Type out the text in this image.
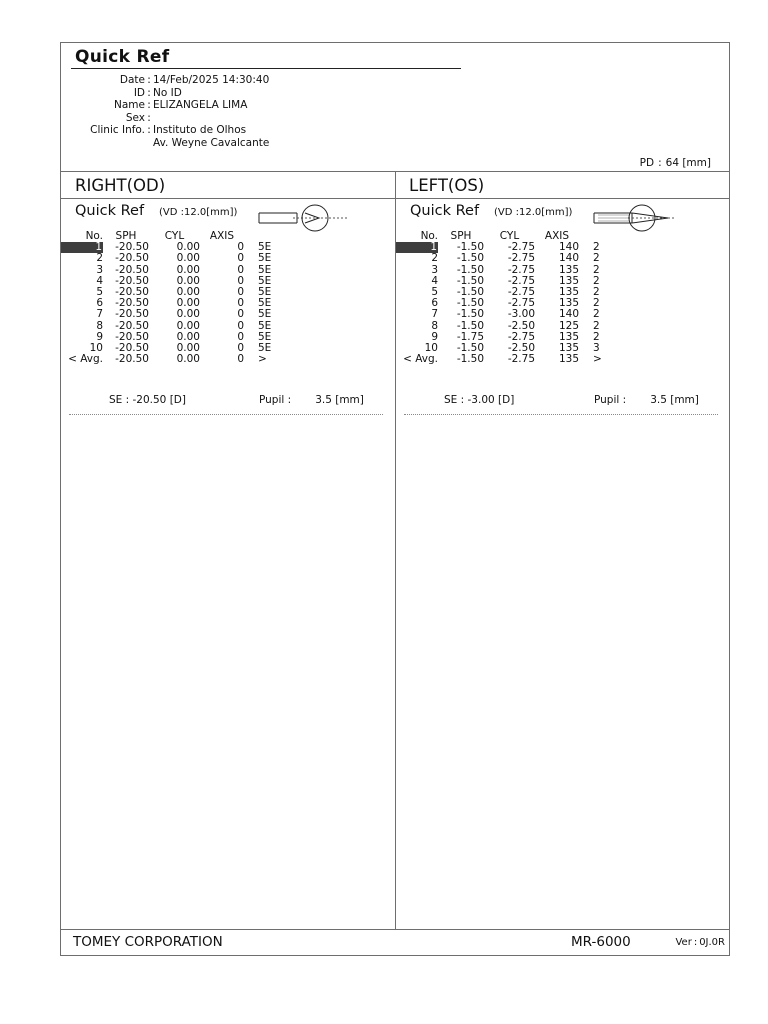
Quick Ref
Date : 14/Feb/2025 14:30:40
ID : No ID
Name : ELIZANGELA LIMA
Sex :
Clinic Info. : Instituto de Olhos
Av. Weyne Cavalcante
PD : 64 [mm]
RIGHT(OD)	LEFT(OS)
Quick Ref (VD :12.0[mm])
No.	SPH	CYL	AXIS
1	-20.50	0.00	0	5E
2	-20.50	0.00	0	5E
3	-20.50	0.00	0	5E
4	-20.50	0.00	0	5E
5	-20.50	0.00	0	5E
6	-20.50	0.00	0	5E
7	-20.50	0.00	0	5E
8	-20.50	0.00	0	5E
9	-20.50	0.00	0	5E
10	-20.50	0.00	0	5E
< Avg.	-20.50	0.00	0	>
SE : -20.50 [D]	Pupil : 3.5 [mm]
Quick Ref (VD :12.0[mm])
No.	SPH	CYL	AXIS
1	-1.50	-2.75	140	2
2	-1.50	-2.75	140	2
3	-1.50	-2.75	135	2
4	-1.50	-2.75	135	2
5	-1.50	-2.75	135	2
6	-1.50	-2.75	135	2
7	-1.50	-3.00	140	2
8	-1.50	-2.50	125	2
9	-1.75	-2.75	135	2
10	-1.50	-2.50	135	3
< Avg.	-1.50	-2.75	135	>
SE : -3.00 [D]	Pupil : 3.5 [mm]
TOMEY CORPORATION	MR-6000	Ver : 0J.0R
